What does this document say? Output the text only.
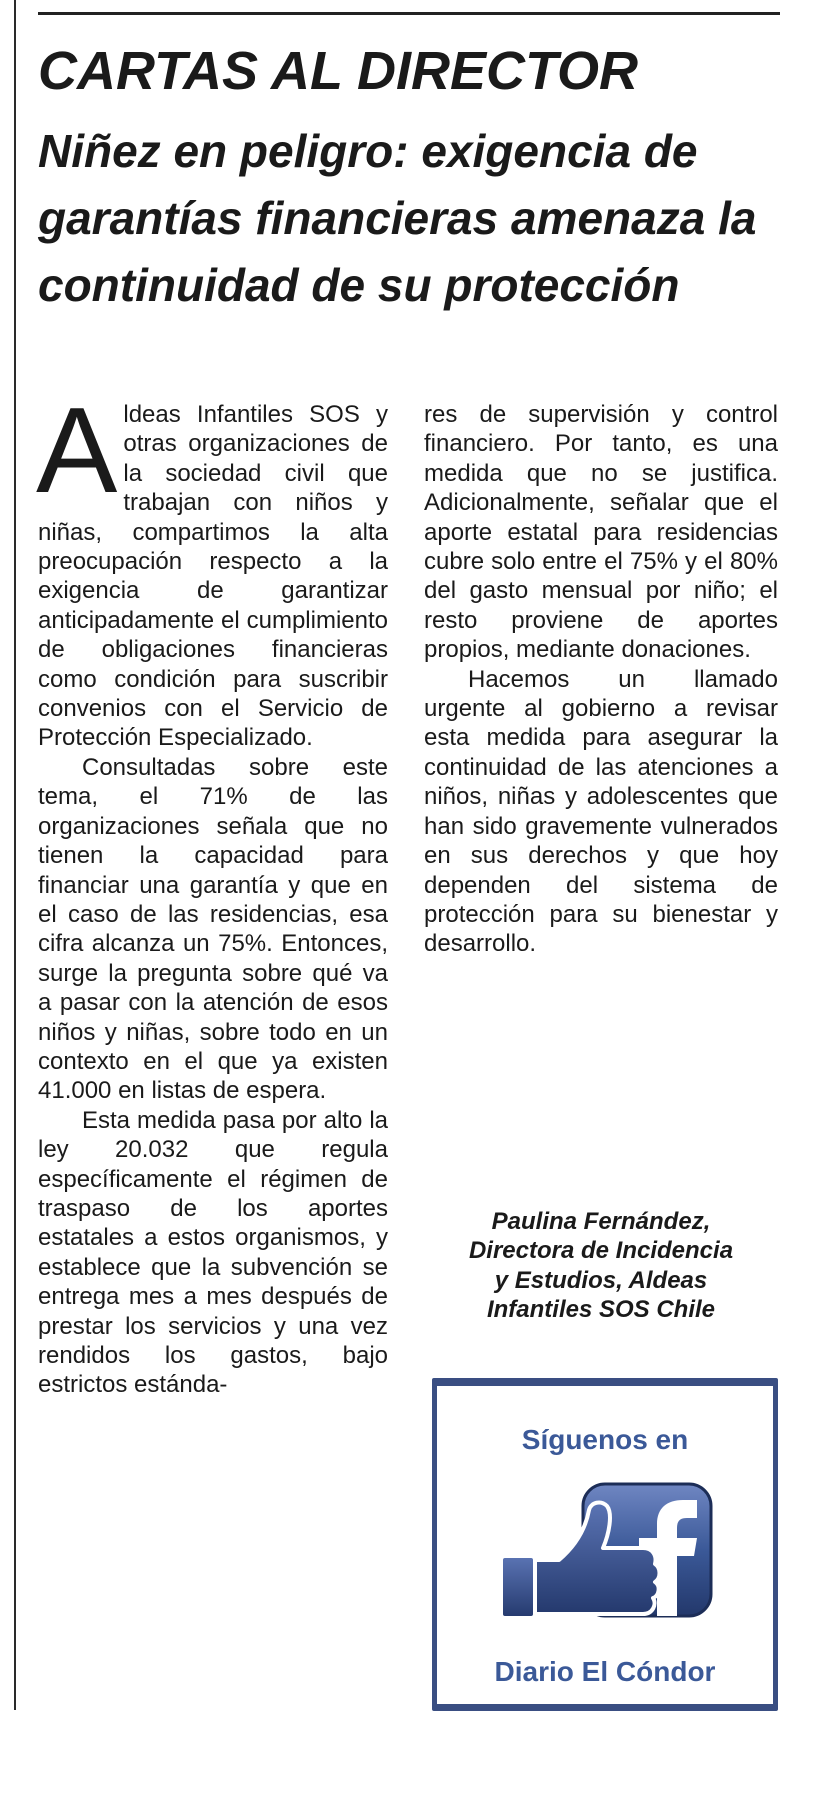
CARTAS AL DIRECTOR
Niñez en peligro: exigencia de garantías financieras amenaza la continuidad de su protección

Aldeas Infantiles SOS y otras organizaciones de la sociedad civil que trabajan con niños y niñas, compartimos la alta preocupación respecto a la exigencia de garantizar anticipadamente el cumplimiento de obligaciones financieras como condición para suscribir convenios con el Servicio de Protección Especializado.

Consultadas sobre este tema, el 71% de las organizaciones señala que no tienen la capacidad para financiar una garantía y que en el caso de las residencias, esa cifra alcanza un 75%. Entonces, surge la pregunta sobre qué va a pasar con la atención de esos niños y niñas, sobre todo en un contexto en el que ya existen 41.000 en listas de espera.

Esta medida pasa por alto la ley 20.032 que regula específicamente el régimen de traspaso de los aportes estatales a estos organismos, y establece que la subvención se entrega mes a mes después de prestar los servicios y una vez rendidos los gastos, bajo estrictos estánda-

res de supervisión y control financiero. Por tanto, es una medida que no se justifica. Adicionalmente, señalar que el aporte estatal para residencias cubre solo entre el 75% y el 80% del gasto mensual por niño; el resto proviene de aportes propios, mediante donaciones.

Hacemos un llamado urgente al gobierno a revisar esta medida para asegurar la continuidad de las atenciones a niños, niñas y adolescentes que han sido gravemente vulnerados en sus derechos y que hoy dependen del sistema de protección para su bienestar y desarrollo.

Paulina Fernández,
Directora de Incidencia
y Estudios, Aldeas
Infantiles SOS Chile

Síguenos en

Diario El Cóndor
